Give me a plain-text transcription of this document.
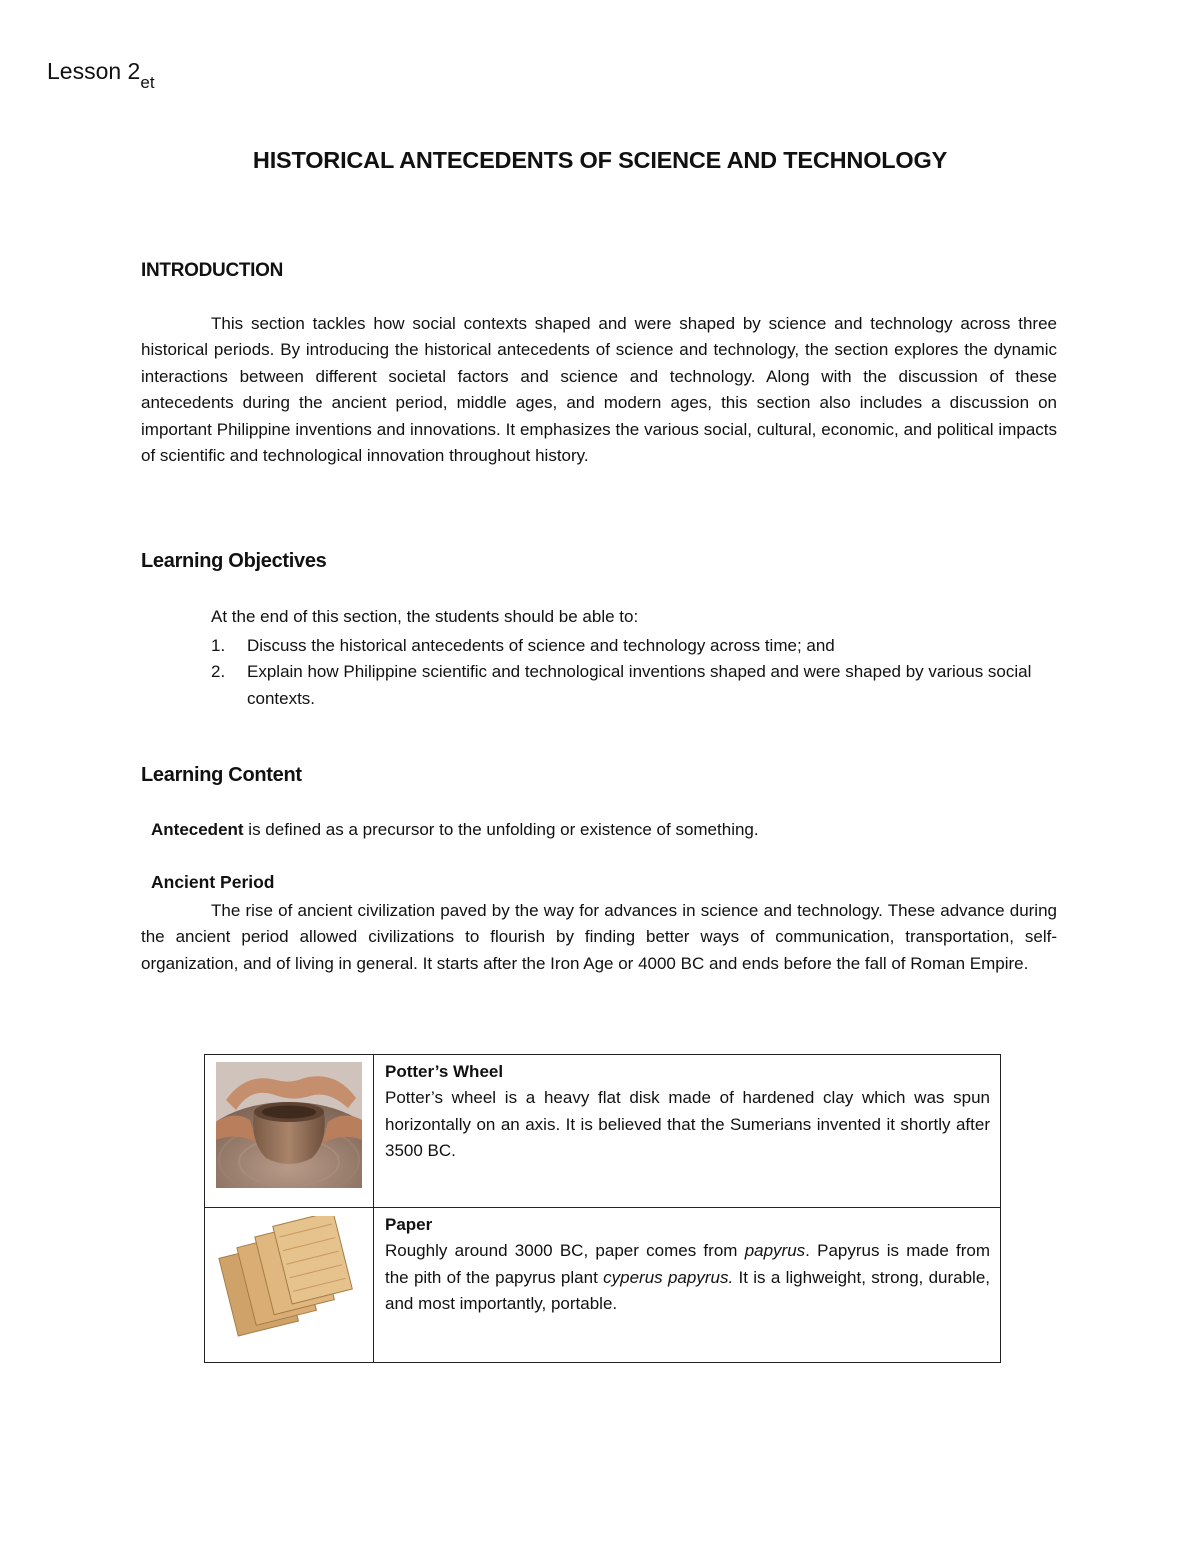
Lesson $2_{et}$
HISTORICAL ANTECEDENTS OF SCIENCE AND TECHNOLOGY
INTRODUCTION

This section tackles how social contexts shaped and were shaped by science and technology across three historical periods. By introducing the historical antecedents of science and technology, the section explores the dynamic interactions between different societal factors and science and technology. Along with the discussion of these antecedents during the ancient period, middle ages, and modern ages, this section also includes a discussion on important Philippine inventions and innovations. It emphasizes the various social, cultural, economic, and political impacts of scientific and technological innovation throughout history.

Learning Objectives
At the end of this section, the students should be able to:
1. Discuss the historical antecedents of science and technology across time; and
2. Explain how Philippine scientific and technological inventions shaped and were shaped by various social contexts.
Learning Content
Antecedent is defined as a precursor to the unfolding or existence of something.
Ancient Period

The rise of ancient civilization paved by the way for advances in science and technology. These advance during the ancient period allowed civilizations to flourish by finding better ways of communication, transportation, self-organization, and of living in general. It starts after the Iron Age or 4000 BC and ends before the fall of Roman Empire.

Potter’s Wheel
Potter’s wheel is a heavy flat disk made of hardened clay which was spun horizontally on an axis. It is believed that the Sumerians invented it shortly after 3500 BC.

Paper
Roughly around 3000 BC, paper comes from papyrus. Papyrus is made from the pith of the papyrus plant cyperus papyrus. It is a lighweight, strong, durable, and most importantly, portable.
